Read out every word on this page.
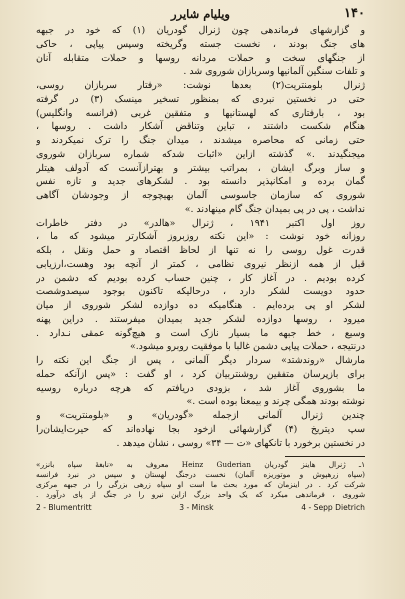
۱۴۰
ویلیام شایرر
و گزارشهای فرماندهی چون ژنرال گودریان (۱) که خود در جبهه
های جنگ بودند ، نخست جسته وگریخته وسپس پیاپی ، حاکی
از جنگهای سخت و حملات مردانه روسها و حملات متقابله آنان
و تلفات سنگین آلمانیها وسربازان شوروی شد .
ژنرال بلومنتریت(۲) بعدها نوشت: «رفتار سربازان روسی،
حتی در نخستین نبردی که بمنظور تسخیر مینسک (۳) در گرفته
بود ، بارفتاری که لهستانیها و متفقین غربی (فرانسه وانگلیس)
هنگام شکست داشتند ، تباین وتناقض آشکار داشت . روسها ،
حتی زمانی که محاصره میشدند ، میدان جنگ را ترک نمیکردند و
میجنگیدند .» گذشته ازاین «اثبات شدکه شماره سربازان شوروی
و ساز وبرگ ایشان ، بمراتب بیشتر و بهترازآنست که آدولف هیتلر
گمان برده و امکانپذیر دانسته بود . لشکرهای جدید و تازه نفس
شوروی که سازمان جاسوسی آلمان بهیچوجه از وجودشان آگاهی
نداشت ، پی در پی بمیدان جنگ گام مینهادند .»
روز اول اکتبر ۱۹۴۱ ، ژنرال «هالدر» در دفتر خاطرات
روزانه خود نوشت : «این نکته روزبروز آشکارتر میشود که ما ،
قدرت غول روسی را نه تنها از لحاظ اقتصاد و حمل ونقل ، بلکه
قبل از همه ازنظر نیروی نظامی ، کمتر از آنچه بود وهست،ارزیابی
کرده بودیم . در آغاز کار ، چنین حساب کرده بودیم که دشمن در
حدود دویست لشکر دارد ، درحالیکه تاکنون بوجود سیصدوشصت
لشکر او پی برده‌ایم . هنگامیکه ده دوازده لشکر شوروی از میان
میرود ، روسها دوازده لشکر جدید بمیدان میفرستند . دراین پهنه
وسیع ، خط جبهه ما بسیار نازک است و هیچ‌گونه عمقی نـدارد .
درنتیجه ، حملات پیاپی دشمن غالبا با موفقیت روبرو میشود.»
مارشال «روندشتد» سردار دیگر آلمانی ، پس از جنگ این نکته را
برای بازپرسان متفقین روشنتربیان کرد ، او گفت : «پس ازآنکه حمله
ما بشوروی آغاز شد ، بزودی دریافتم که هرچه درباره روسیه
نوشته بودند همگی چرند و بیمعنا بوده است .»
چندین ژنرال آلمانی ازجمله «گودریان» و «بلومنتریت» و
سپ دیتریخ (۴) گزارشهائی ازخود بجا نهاده‌اند که حیرت‌ایشان‌را
در نخستین برخورد با تانکهای «ت — ۳۴» روسی ، نشان میدهد .
۱ـ ژنرال هاینز گودریان Heinz Guderian معروف به «نابغهٔ سپاه بانزر»
(سپاه زرهپوش و موتوریزه آلمان) نخست درجنگ لهستان و سپس در نبرد فرانسه
شرکت کرد . در اینزمان که مورد بحث ما است او سپاه زرهی بزرگی را در جبهه مرکزی
شوروی ، فرماندهی میکرد که یک واحد بزرگ ازاین نیرو را در جنگ از پای درآورد .
2 - Blumentritt	3 - Minsk	4 - Sepp Dietrich
